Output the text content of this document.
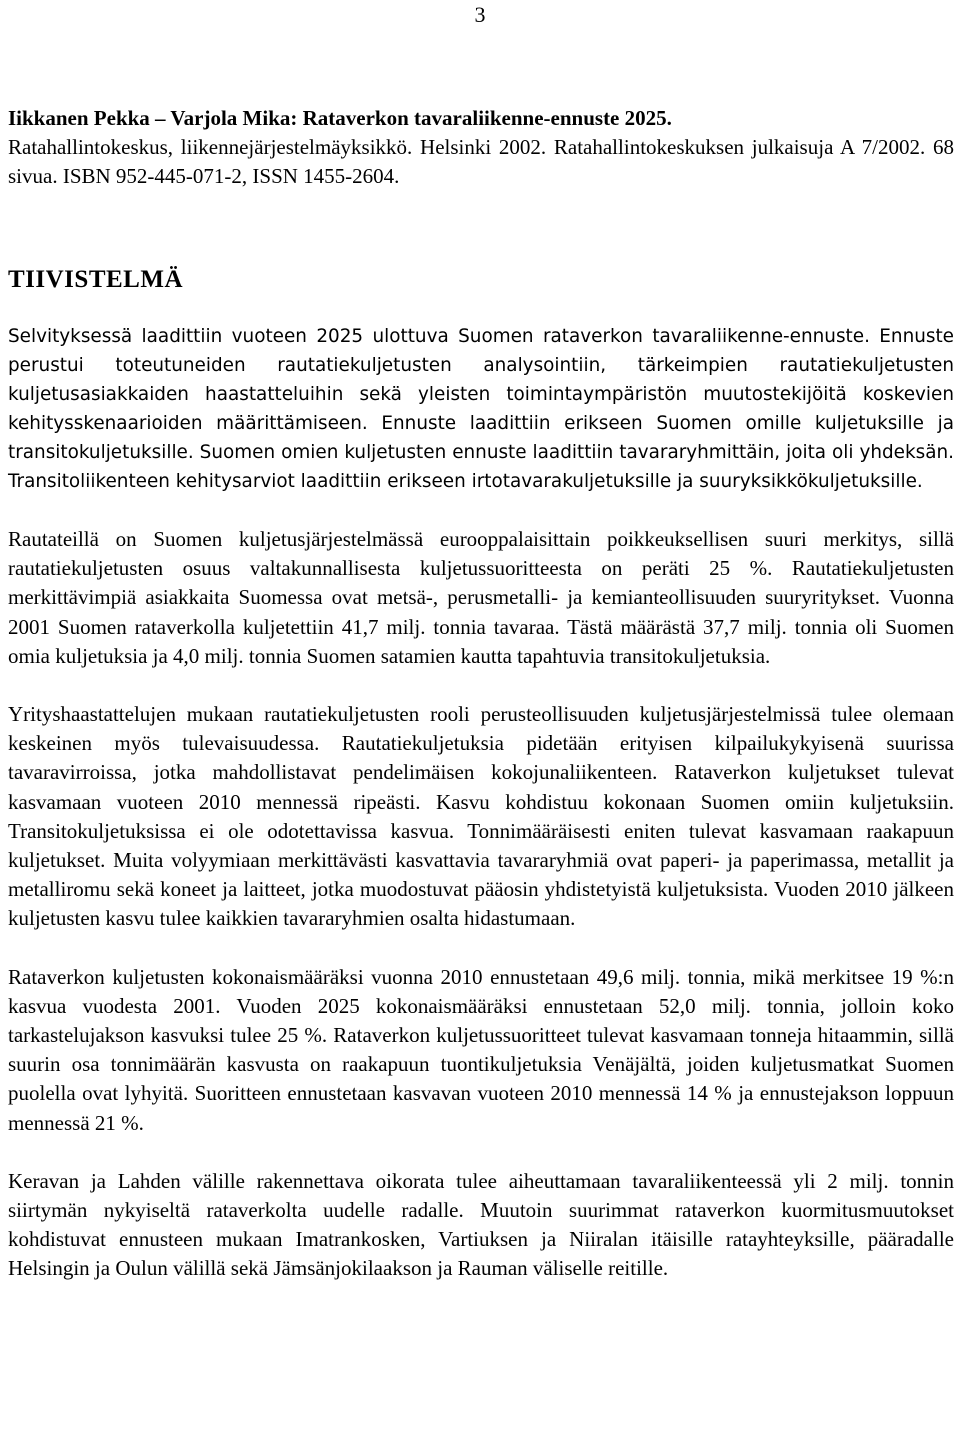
3

Iikkanen Pekka – Varjola Mika: Rataverkon tavaraliikenne-ennuste 2025.
Ratahallintokeskus, liikennejärjestelmäyksikkö. Helsinki 2002. Ratahallintokeskuksen julkaisuja A 7/2002. 68 sivua. ISBN 952-445-071-2, ISSN 1455-2604.

TIIVISTELMÄ

Selvityksessä laadittiin vuoteen 2025 ulottuva Suomen rataverkon tavaraliikenne-ennuste. Ennuste perustui toteutuneiden rautatiekuljetusten analysointiin, tärkeimpien rautatiekuljetusten kuljetusasiakkaiden haastatteluihin sekä yleisten toimintaympäristön muutostekijöitä koskevien kehitysskenaarioiden määrittämiseen. Ennuste laadittiin erikseen Suomen omille kuljetuksille ja transitokuljetuksille. Suomen omien kuljetusten ennuste laadittiin tavararyhmittäin, joita oli yhdeksän. Transitoliikenteen kehitysarviot laadittiin erikseen irtotavarakuljetuksille ja suuryksikkökuljetuksille.

Rautateillä on Suomen kuljetusjärjestelmässä eurooppalaisittain poikkeuksellisen suuri merkitys, sillä rautatiekuljetusten osuus valtakunnallisesta kuljetussuoritteesta on peräti 25 %. Rautatiekuljetusten merkittävimpiä asiakkaita Suomessa ovat metsä-, perusmetalli- ja kemianteollisuuden suuryritykset. Vuonna 2001 Suomen rataverkolla kuljetettiin 41,7 milj. tonnia tavaraa. Tästä määrästä 37,7 milj. tonnia oli Suomen omia kuljetuksia ja 4,0 milj. tonnia Suomen satamien kautta tapahtuvia transitokuljetuksia.

Yrityshaastattelujen mukaan rautatiekuljetusten rooli perusteollisuuden kuljetusjärjestelmissä tulee olemaan keskeinen myös tulevaisuudessa. Rautatiekuljetuksia pidetään erityisen kilpailukykyisenä suurissa tavaravirroissa, jotka mahdollistavat pendelimäisen kokojunaliikenteen. Rataverkon kuljetukset tulevat kasvamaan vuoteen 2010 mennessä ripeästi. Kasvu kohdistuu kokonaan Suomen omiin kuljetuksiin. Transitokuljetuksissa ei ole odotettavissa kasvua. Tonnimääräisesti eniten tulevat kasvamaan raakapuun kuljetukset. Muita volyymiaan merkittävästi kasvattavia tavararyhmiä ovat paperi- ja paperimassa, metallit ja metalliromu sekä koneet ja laitteet, jotka muodostuvat pääosin yhdistetyistä kuljetuksista. Vuoden 2010 jälkeen kuljetusten kasvu tulee kaikkien tavararyhmien osalta hidastumaan.

Rataverkon kuljetusten kokonaismääräksi vuonna 2010 ennustetaan 49,6 milj. tonnia, mikä merkitsee 19 %:n kasvua vuodesta 2001. Vuoden 2025 kokonaismääräksi ennustetaan 52,0 milj. tonnia, jolloin koko tarkastelujakson kasvuksi tulee 25 %. Rataverkon kuljetussuoritteet tulevat kasvamaan tonneja hitaammin, sillä suurin osa tonnimäärän kasvusta on raakapuun tuontikuljetuksia Venäjältä, joiden kuljetusmatkat Suomen puolella ovat lyhyitä. Suoritteen ennustetaan kasvavan vuoteen 2010 mennessä 14 % ja ennustejakson loppuun mennessä 21 %.

Keravan ja Lahden välille rakennettava oikorata tulee aiheuttamaan tavaraliikenteessä yli 2 milj. tonnin siirtymän nykyiseltä rataverkolta uudelle radalle. Muutoin suurimmat rataverkon kuormitusmuutokset kohdistuvat ennusteen mukaan Imatrankosken, Vartiuksen ja Niiralan itäisille ratayhteyksille, pääradalle Helsingin ja Oulun välillä sekä Jämsänjokilaakson ja Rauman väliselle reitille.
